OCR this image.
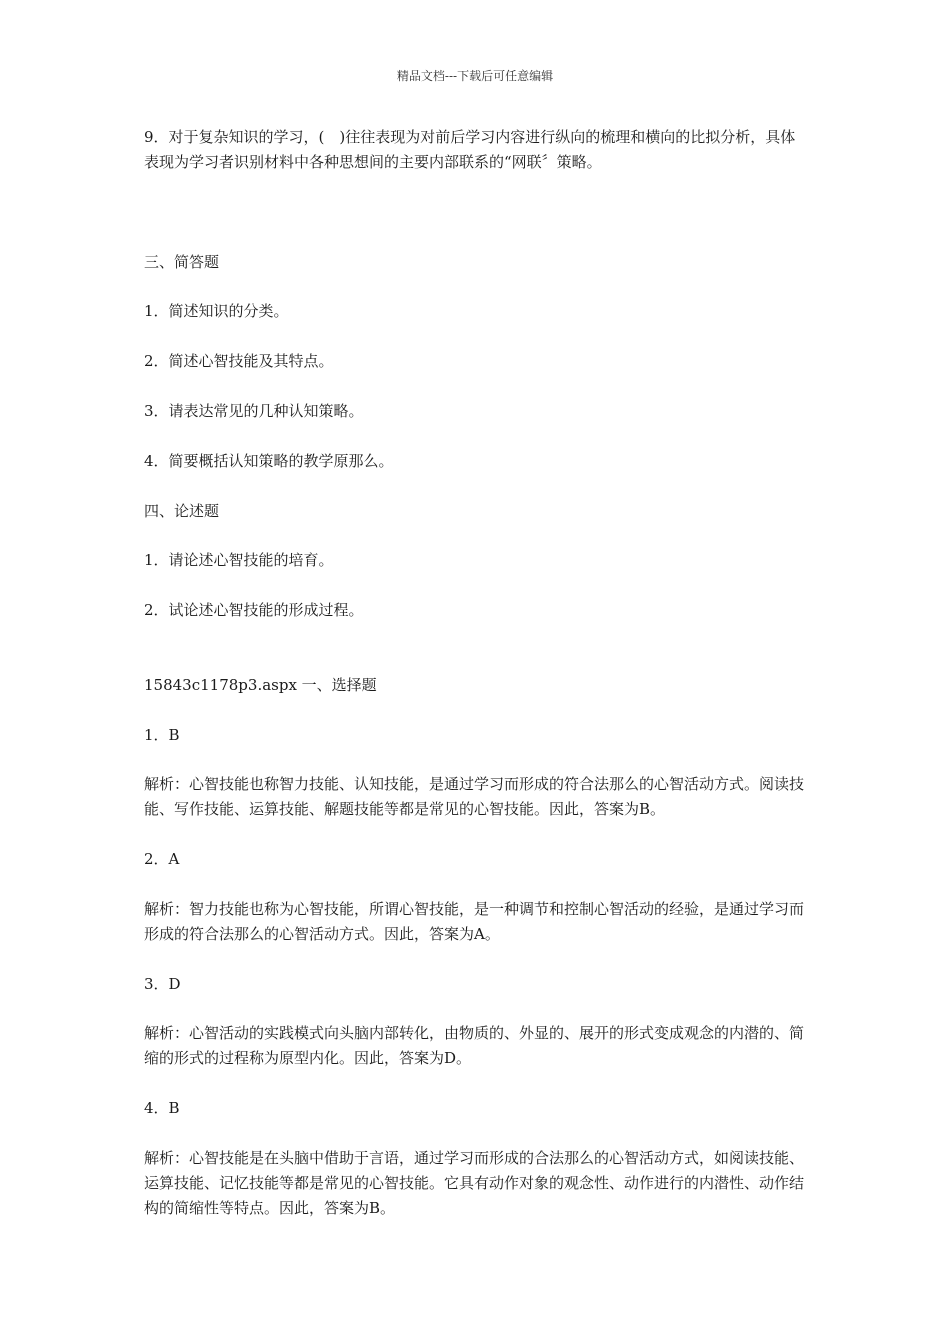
精品文档---下载后可任意编辑

9．对于复杂知识的学习，(　)往往表现为对前后学习内容进行纵向的梳理和横向的比拟分析，具体表现为学习者识别材料中各种思想间的主要内部联系的“网联〞策略。

三、简答题

1．简述知识的分类。

2．简述心智技能及其特点。

3．请表达常见的几种认知策略。

4．简要概括认知策略的教学原那么。

四、论述题

1．请论述心智技能的培育。

2．试论述心智技能的形成过程。

15843c1178p3.aspx 一、选择题

1．B

解析：心智技能也称智力技能、认知技能，是通过学习而形成的符合法那么的心智活动方式。阅读技能、写作技能、运算技能、解题技能等都是常见的心智技能。因此，答案为B。

2．A

解析：智力技能也称为心智技能，所谓心智技能，是一种调节和控制心智活动的经验，是通过学习而形成的符合法那么的心智活动方式。因此，答案为A。

3．D

解析：心智活动的实践模式向头脑内部转化，由物质的、外显的、展开的形式变成观念的内潜的、简缩的形式的过程称为原型内化。因此，答案为D。

4．B

解析：心智技能是在头脑中借助于言语，通过学习而形成的合法那么的心智活动方式，如阅读技能、运算技能、记忆技能等都是常见的心智技能。它具有动作对象的观念性、动作进行的内潜性、动作结构的简缩性等特点。因此，答案为B。
